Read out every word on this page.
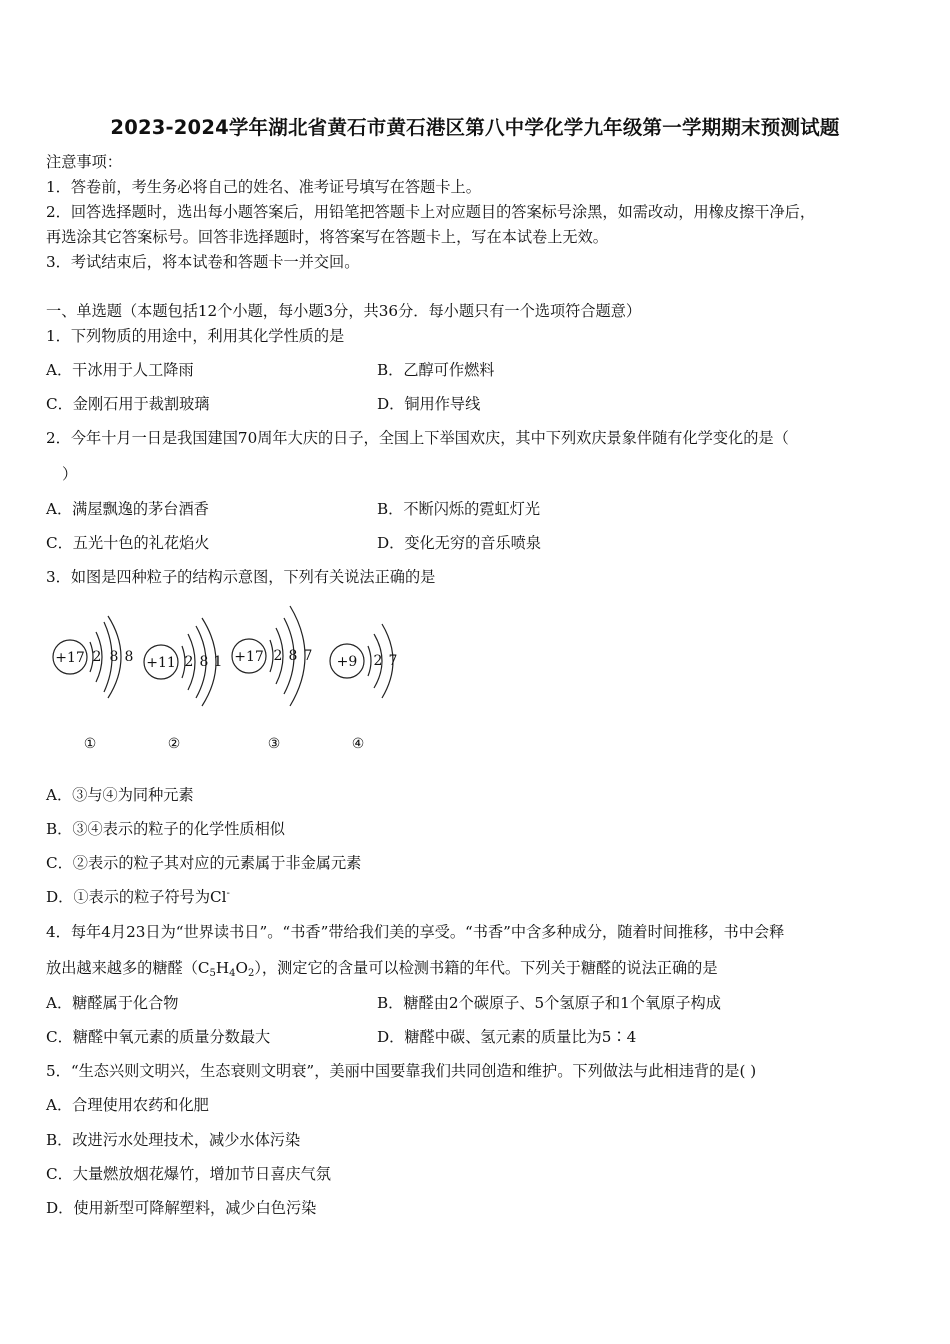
2023-2024学年湖北省黄石市黄石港区第八中学化学九年级第一学期期末预测试题
注意事项：
1．答卷前，考生务必将自己的姓名、准考证号填写在答题卡上。
2．回答选择题时，选出每小题答案后，用铅笔把答题卡上对应题目的答案标号涂黑，如需改动，用橡皮擦干净后，
再选涂其它答案标号。回答非选择题时，将答案写在答题卡上，写在本试卷上无效。
3．考试结束后，将本试卷和答题卡一并交回。
一、单选题（本题包括12个小题，每小题3分，共36分．每小题只有一个选项符合题意）
1．下列物质的用途中，利用其化学性质的是
A．干冰用于人工降雨	B．乙醇可作燃料
C．金刚石用于裁割玻璃	D．铜用作导线
2．今年十月一日是我国建国70周年大庆的日子，全国上下举国欢庆，其中下列欢庆景象伴随有化学变化的是（
）
A．满屋飘逸的茅台酒香	B．不断闪烁的霓虹灯光
C．五光十色的礼花焰火	D．变化无穷的音乐喷泉
3．如图是四种粒子的结构示意图，下列有关说法正确的是
+17 2 8 8
①
+11 2 8 1
②
+17 2 8 7
③
+9 2 7
④
A．③与④为同种元素
B．③④表示的粒子的化学性质相似
C．②表示的粒子其对应的元素属于非金属元素
D．①表示的粒子符号为Cl-
4．每年4月23日为“世界读书日”。“书香”带给我们美的享受。“书香”中含多种成分，随着时间推移，书中会释
放出越来越多的糖醛$(C_5H_4O_2)$，测定它的含量可以检测书籍的年代。下列关于糖醛的说法正确的是
A．糖醛属于化合物	B．糖醛由2个碳原子、5个氢原子和1个氧原子构成
C．糖醛中氧元素的质量分数最大	D．糖醛中碳、氢元素的质量比为5∶4
5．“生态兴则文明兴，生态衰则文明衰”，美丽中国要靠我们共同创造和维护。下列做法与此相违背的是( )
A．合理使用农药和化肥
B．改进污水处理技术，减少水体污染
C．大量燃放烟花爆竹，增加节日喜庆气氛
D．使用新型可降解塑料，减少白色污染
